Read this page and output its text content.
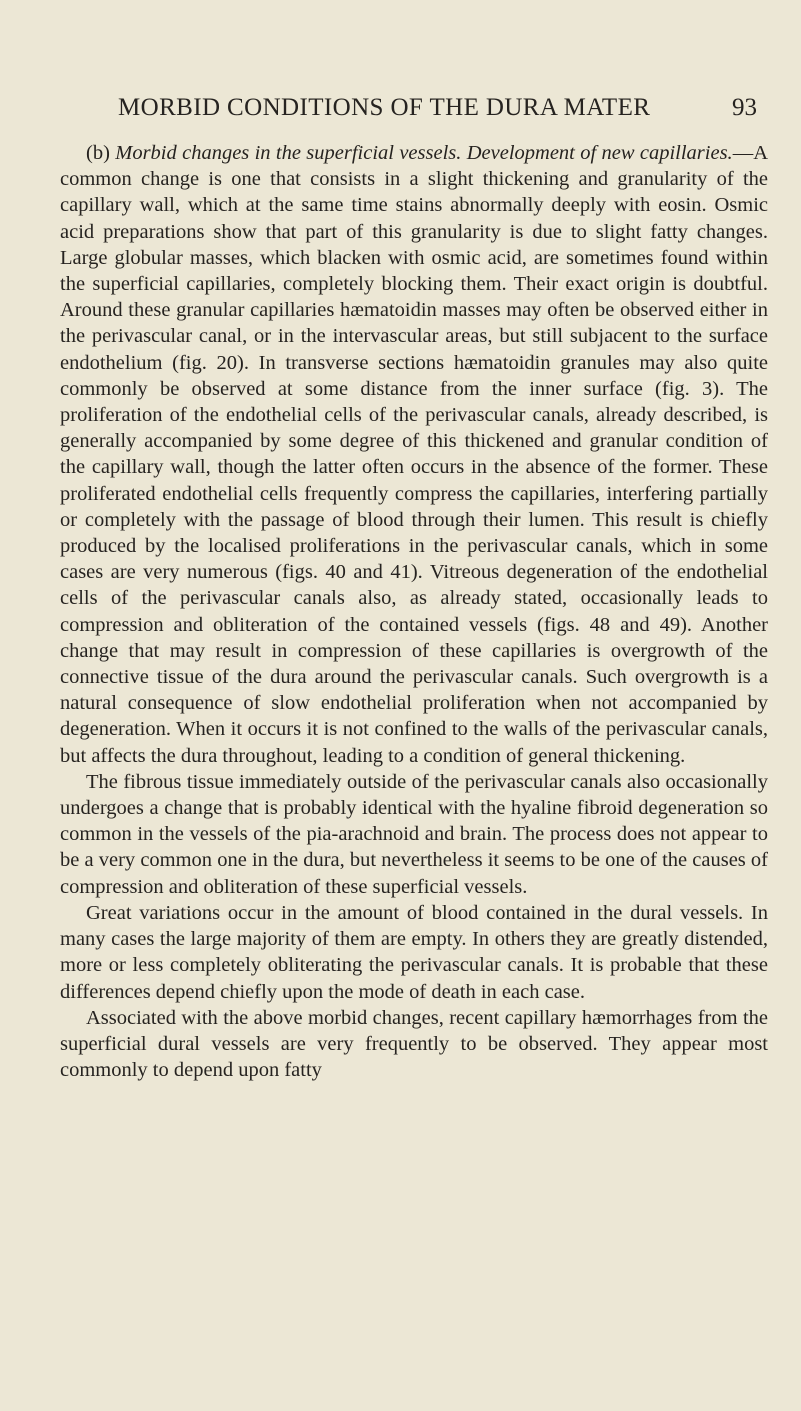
MORBID CONDITIONS OF THE DURA MATER	93

(b) Morbid changes in the superficial vessels. Development of new capillaries.—A common change is one that consists in a slight thickening and granularity of the capillary wall, which at the same time stains abnormally deeply with eosin. Osmic acid preparations show that part of this granularity is due to slight fatty changes. Large globular masses, which blacken with osmic acid, are sometimes found within the superficial capillaries, completely blocking them. Their exact origin is doubtful. Around these granular capillaries hæmatoidin masses may often be observed either in the perivascular canal, or in the intervascular areas, but still subjacent to the surface endothelium (fig. 20). In transverse sections hæmatoidin granules may also quite commonly be observed at some distance from the inner surface (fig. 3). The proliferation of the endothelial cells of the perivascular canals, already described, is generally accompanied by some degree of this thickened and granular condition of the capillary wall, though the latter often occurs in the absence of the former. These proliferated endothelial cells frequently compress the capillaries, interfering partially or completely with the passage of blood through their lumen. This result is chiefly produced by the localised proliferations in the perivascular canals, which in some cases are very numerous (figs. 40 and 41). Vitreous degeneration of the endothelial cells of the perivascular canals also, as already stated, occasionally leads to compression and obliteration of the contained vessels (figs. 48 and 49). Another change that may result in compression of these capillaries is overgrowth of the connective tissue of the dura around the perivascular canals. Such overgrowth is a natural consequence of slow endothelial proliferation when not accompanied by degeneration. When it occurs it is not confined to the walls of the perivascular canals, but affects the dura throughout, leading to a condition of general thickening.

The fibrous tissue immediately outside of the perivascular canals also occasionally undergoes a change that is probably identical with the hyaline fibroid degeneration so common in the vessels of the pia-arachnoid and brain. The process does not appear to be a very common one in the dura, but nevertheless it seems to be one of the causes of compression and obliteration of these superficial vessels.

Great variations occur in the amount of blood contained in the dural vessels. In many cases the large majority of them are empty. In others they are greatly distended, more or less completely obliterating the perivascular canals. It is probable that these differences depend chiefly upon the mode of death in each case.

Associated with the above morbid changes, recent capillary hæmorrhages from the superficial dural vessels are very frequently to be observed. They appear most commonly to depend upon fatty
